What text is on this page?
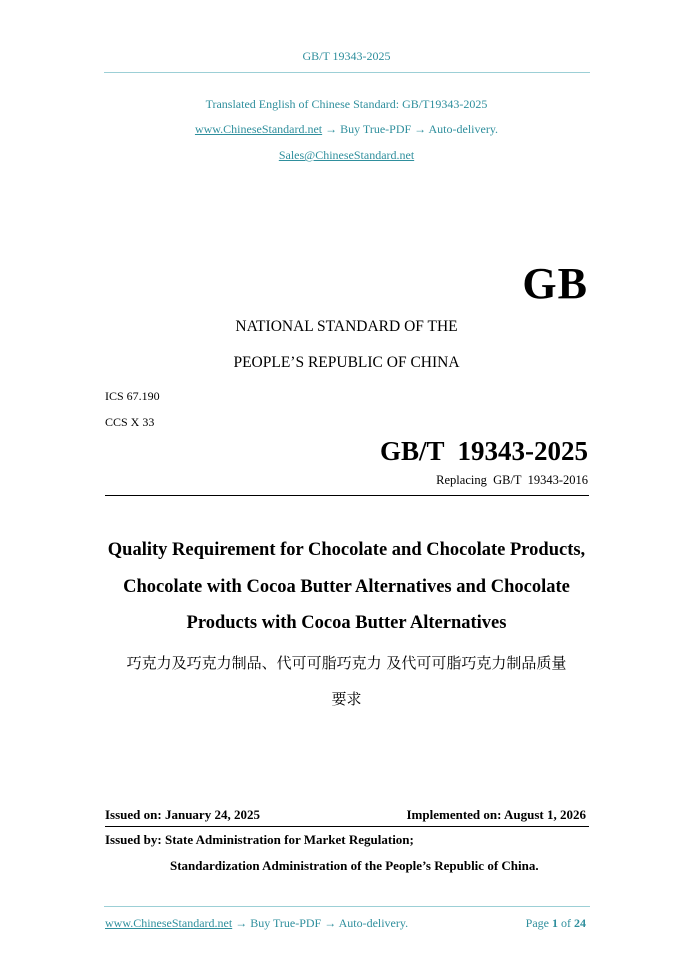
GB/T 19343-2025
Translated English of Chinese Standard: GB/T19343-2025
www.ChineseStandard.net → Buy True-PDF → Auto-delivery.
Sales@ChineseStandard.net
GB
NATIONAL STANDARD OF THE
PEOPLE’S REPUBLIC OF CHINA
ICS 67.190
CCS X 33
GB/T  19343-2025
Replacing  GB/T  19343-2016
Quality Requirement for Chocolate and Chocolate Products,
Chocolate with Cocoa Butter Alternatives and Chocolate
Products with Cocoa Butter Alternatives
巧克力及巧克力制品、代可可脂巧克力 及代可可脂巧克力制品质量
要求
Issued on: January 24, 2025	Implemented on: August 1, 2026
Issued by: State Administration for Market Regulation;
Standardization Administration of the People’s Republic of China.
www.ChineseStandard.net → Buy True-PDF → Auto-delivery.	Page 1 of 24
